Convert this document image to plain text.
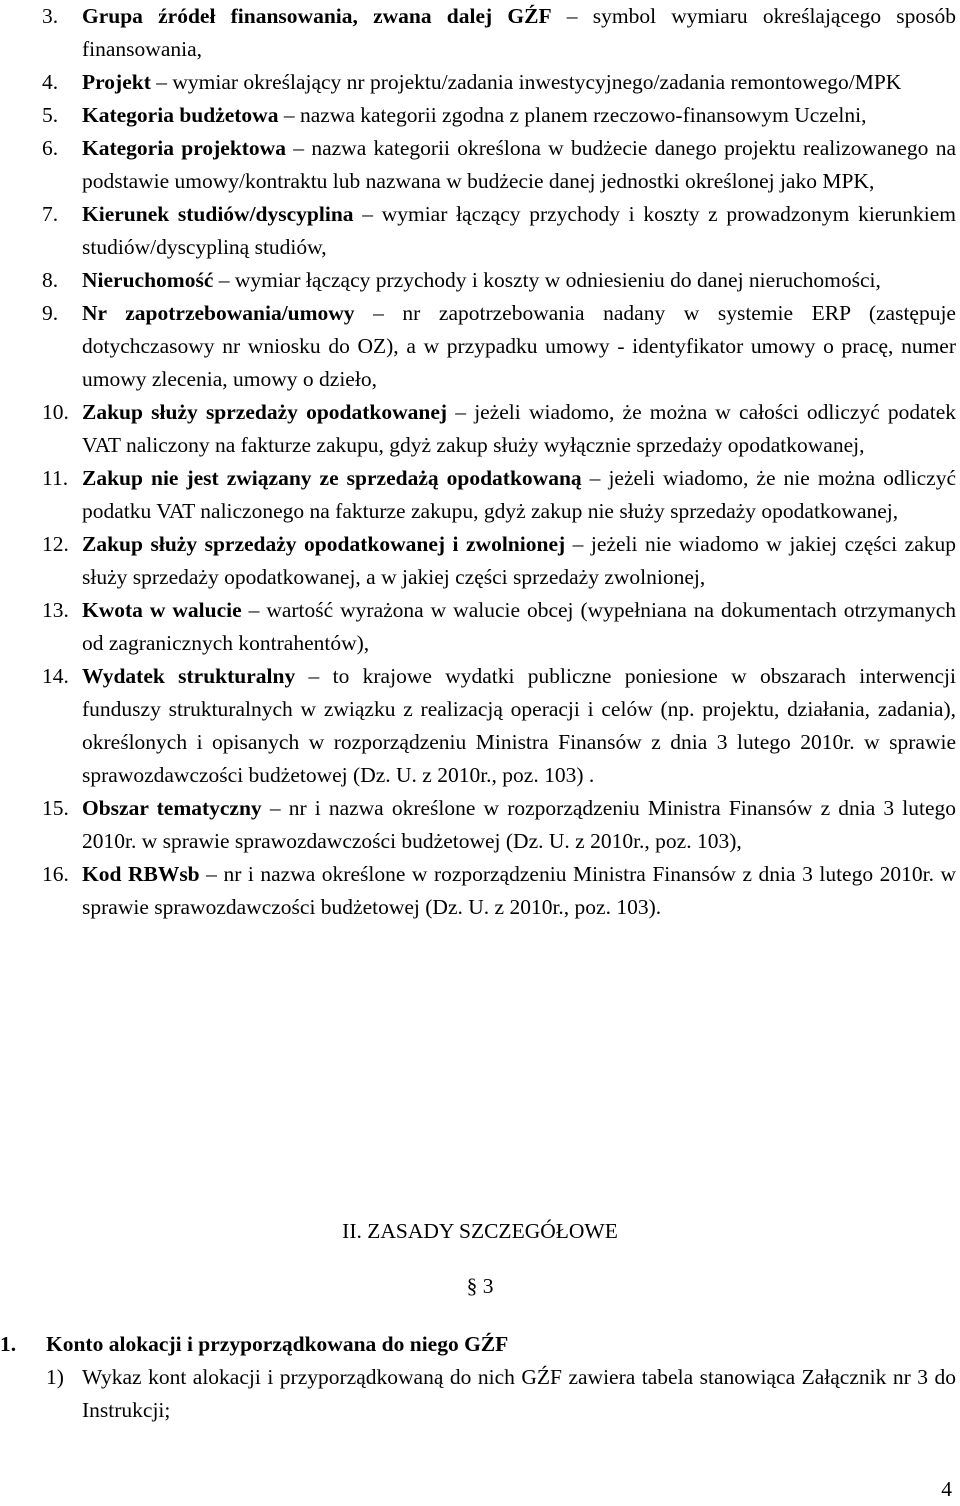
3.	Grupa źródeł finansowania, zwana dalej GŹF – symbol wymiaru określającego sposób finansowania,
4.	Projekt – wymiar określający nr projektu/zadania inwestycyjnego/zadania remontowego/MPK
5.	Kategoria budżetowa – nazwa kategorii zgodna z planem rzeczowo-finansowym Uczelni,
6.	Kategoria projektowa – nazwa kategorii określona w budżecie danego projektu realizowanego na podstawie umowy/kontraktu lub nazwana w budżecie danej jednostki określonej jako MPK,
7.	Kierunek studiów/dyscyplina – wymiar łączący przychody i koszty z prowadzonym kierunkiem studiów/dyscypliną studiów,
8.	Nieruchomość – wymiar łączący przychody i koszty w odniesieniu do danej nieruchomości,
9.	Nr zapotrzebowania/umowy – nr zapotrzebowania nadany w systemie ERP (zastępuje dotychczasowy nr wniosku do OZ), a w przypadku umowy - identyfikator umowy o pracę, numer umowy zlecenia, umowy o dzieło,
10. Zakup służy sprzedaży opodatkowanej – jeżeli wiadomo, że można w całości odliczyć podatek VAT naliczony na fakturze zakupu, gdyż zakup służy wyłącznie sprzedaży opodatkowanej,
11. Zakup nie jest związany ze sprzedażą opodatkowaną – jeżeli wiadomo, że nie można odliczyć podatku VAT naliczonego na fakturze zakupu, gdyż zakup nie służy sprzedaży opodatkowanej,
12. Zakup służy sprzedaży opodatkowanej i zwolnionej – jeżeli nie wiadomo w jakiej części zakup służy sprzedaży opodatkowanej, a w jakiej części sprzedaży zwolnionej,
13. Kwota w walucie – wartość wyrażona w walucie obcej (wypełniana na dokumentach otrzymanych od zagranicznych kontrahentów),
14. Wydatek strukturalny – to krajowe wydatki publiczne poniesione w obszarach interwencji funduszy strukturalnych w związku z realizacją operacji i celów (np. projektu, działania, zadania), określonych i opisanych w rozporządzeniu Ministra Finansów z dnia 3 lutego 2010r. w sprawie sprawozdawczości budżetowej (Dz. U. z 2010r., poz. 103) .
15. Obszar tematyczny – nr i nazwa określone w rozporządzeniu Ministra Finansów z dnia 3 lutego 2010r. w sprawie sprawozdawczości budżetowej (Dz. U. z 2010r., poz. 103),
16. Kod RBWsb – nr i nazwa określone w rozporządzeniu Ministra Finansów z dnia 3 lutego 2010r. w sprawie sprawozdawczości budżetowej (Dz. U. z 2010r., poz. 103).
II. ZASADY SZCZEGÓŁOWE
§ 3
1. Konto alokacji i przyporządkowana do niego GŹF
1) Wykaz kont alokacji i przyporządkowaną do nich GŹF zawiera tabela stanowiąca Załącznik nr 3 do Instrukcji;
4
